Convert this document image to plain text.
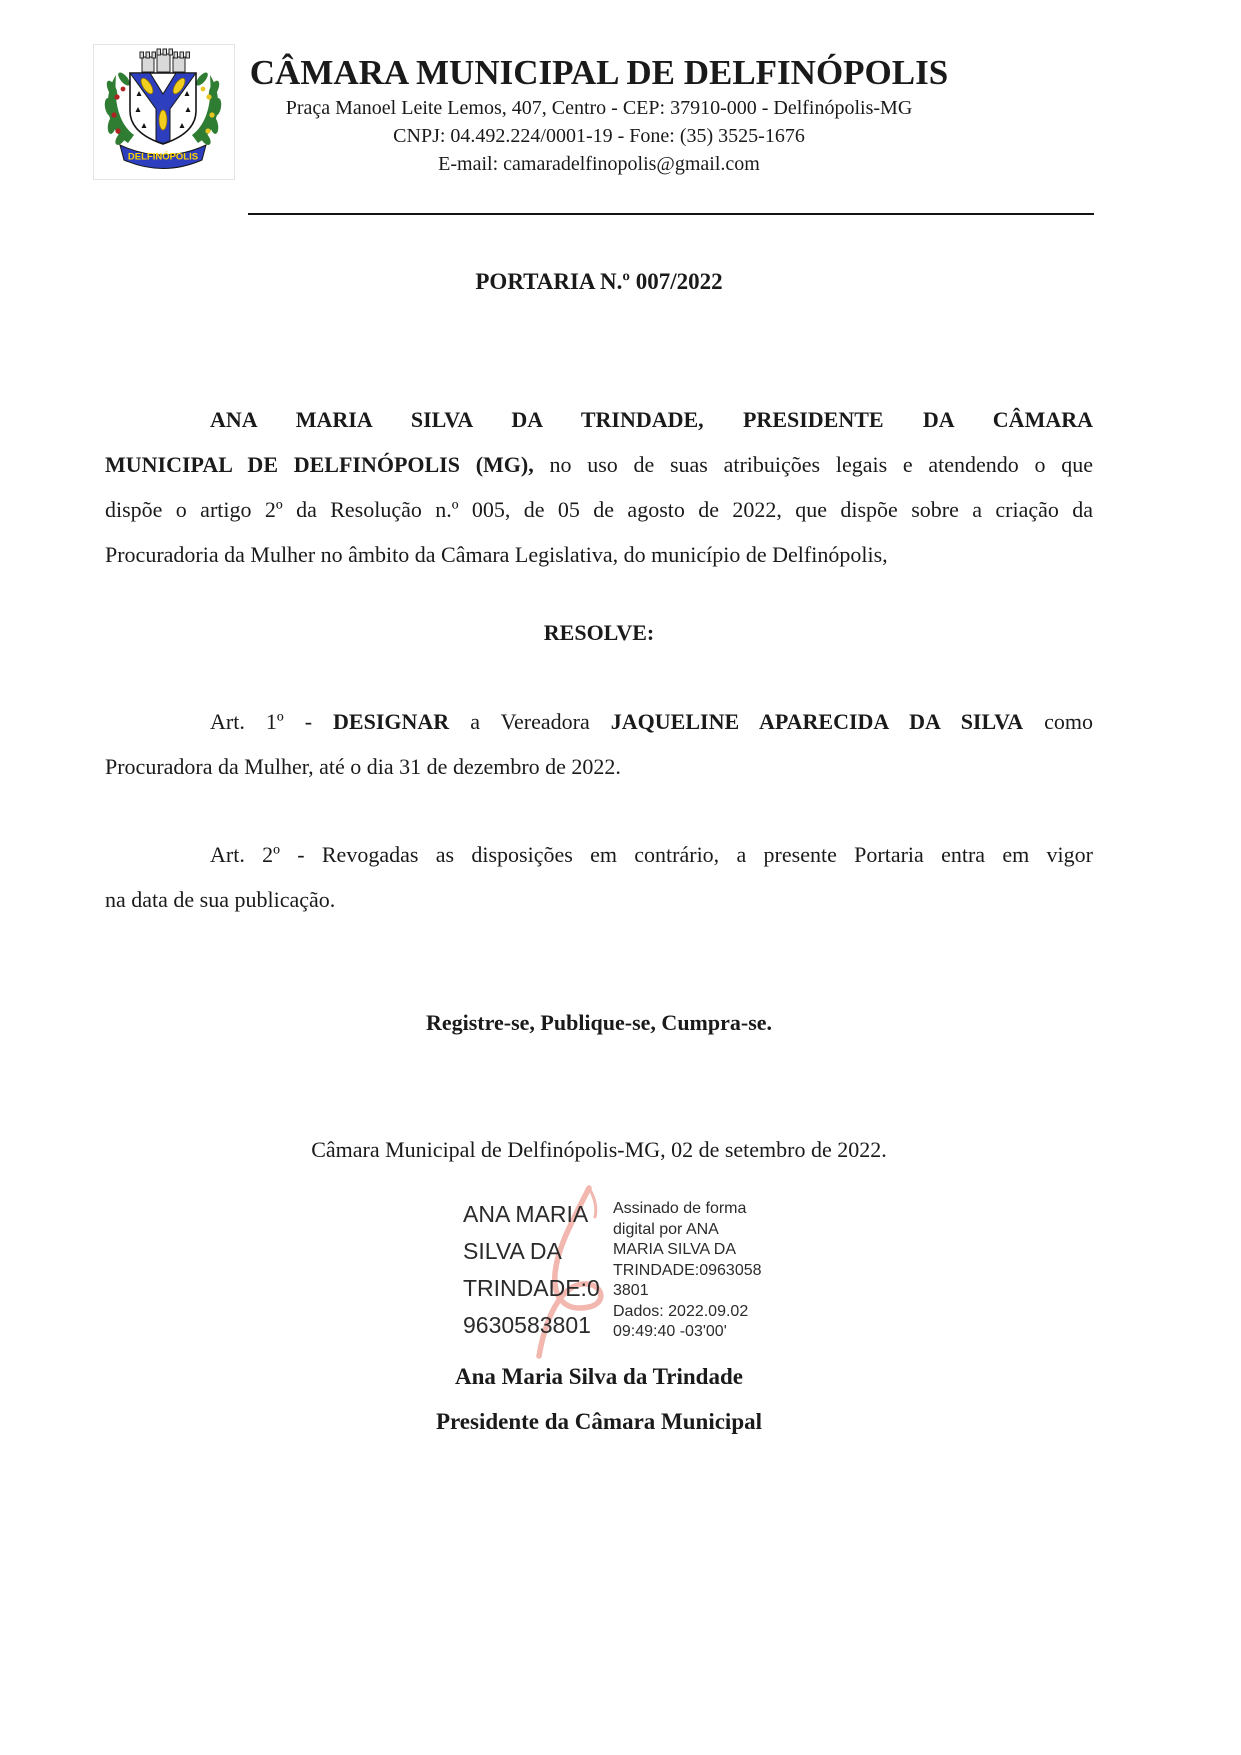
DELFINÓPOLIS
CÂMARA MUNICIPAL DE DELFINÓPOLIS
Praça Manoel Leite Lemos, 407, Centro - CEP: 37910-000 - Delfinópolis-MG
CNPJ: 04.492.224/0001-19 - Fone: (35) 3525-1676
E-mail: camaradelfinopolis@gmail.com
PORTARIA N.º 007/2022
ANA MARIA SILVA DA TRINDADE, PRESIDENTE DA CÂMARA
MUNICIPAL DE DELFINÓPOLIS (MG), no uso de suas atribuições legais e atendendo o que
dispõe o artigo 2º da Resolução n.º 005, de 05 de agosto de 2022, que dispõe sobre a criação da
Procuradoria da Mulher no âmbito da Câmara Legislativa, do município de Delfinópolis,
RESOLVE:
Art. 1º - DESIGNAR a Vereadora JAQUELINE APARECIDA DA SILVA como
Procuradora da Mulher, até o dia 31 de dezembro de 2022.
Art. 2º - Revogadas as disposições em contrário, a presente Portaria entra em vigor
na data de sua publicação.
Registre-se, Publique-se, Cumpra-se.
Câmara Municipal de Delfinópolis-MG, 02 de setembro de 2022.
ANA MARIA
SILVA DA
TRINDADE:0
9630583801
Assinado de forma
digital por ANA
MARIA SILVA DA
TRINDADE:0963058
3801
Dados: 2022.09.02
09:49:40 -03'00'
Ana Maria Silva da Trindade
Presidente da Câmara Municipal
